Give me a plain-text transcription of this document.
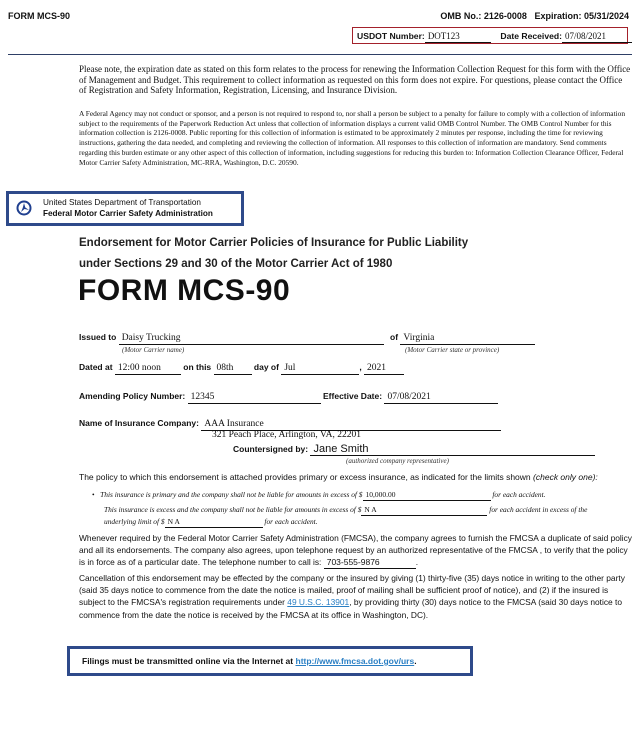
FORM MCS-90	OMB No.: 2126-0008 Expiration: 05/31/2024
USDOT Number: DOT123	Date Received: 07/08/2021
Please note, the expiration date as stated on this form relates to the process for renewing the Information Collection Request for this form with the Office of Management and Budget. This requirement to collect information as requested on this form does not expire. For questions, please contact the Office of Registration and Safety Information, Registration, Licensing, and Insurance Division.
A Federal Agency may not conduct or sponsor, and a person is not required to respond to, nor shall a person be subject to a penalty for failure to comply with a collection of information subject to the requirements of the Paperwork Reduction Act unless that collection of information displays a current valid OMB Control Number. The OMB Control Number for this information collection is 2126-0008. Public reporting for this collection of information is estimated to be approximately 2 minutes per response, including the time for reviewing instructions, gathering the data needed, and completing and reviewing the collection of information. All responses to this collection of information are mandatory. Send comments regarding this burden estimate or any other aspect of this collection of information, including suggestions for reducing this burden to: Information Collection Clearance Officer, Federal Motor Carrier Safety Administration, MC-RRA, Washington, D.C. 20590.
United States Department of Transportation
Federal Motor Carrier Safety Administration
Endorsement for Motor Carrier Policies of Insurance for Public Liability
under Sections 29 and 30 of the Motor Carrier Act of 1980
FORM MCS-90
Issued to Daisy Trucking
(Motor Carrier name)
of Virginia
(Motor Carrier state or province)
Dated at 12:00 noon	on this 08th day of Jul	, 2021
Amending Policy Number: 12345	Effective Date: 07/08/2021
Name of Insurance Company: AAA Insurance
321 Peach Place, Arlington, VA, 22201
Countersigned by: Jane Smith
(authorized company representative)
The policy to which this endorsement is attached provides primary or excess insurance, as indicated for the limits shown (check only one):
• This insurance is primary and the company shall not be liable for amounts in excess of $ 10,000.00	for each accident.
This insurance is excess and the company shall not be liable for amounts in excess of $ N A	for each accident in excess of the
underlying limit of $ N A	for each accident.
Whenever required by the Federal Motor Carrier Safety Administration (FMCSA), the company agrees to furnish the FMCSA a duplicate of said policy and all its endorsements. The company also agrees, upon telephone request by an authorized representative of the FMCSA , to verify that the policy is in force as of a particular date. The telephone number to call is: 703-555-9876	.
Cancellation of this endorsement may be effected by the company or the insured by giving (1) thirty-five (35) days notice in writing to the other party (said 35 days notice to commence from the date the notice is mailed, proof of mailing shall be sufficient proof of notice), and (2) if the insured is subject to the FMCSA's registration requirements under 49 U.S.C. 13901, by providing thirty (30) days notice to the FMCSA (said 30 days notice to commence from the date the notice is received by the FMCSA at its office in Washington, DC).
Filings must be transmitted online via the Internet at http://www.fmcsa.dot.gov/urs.
